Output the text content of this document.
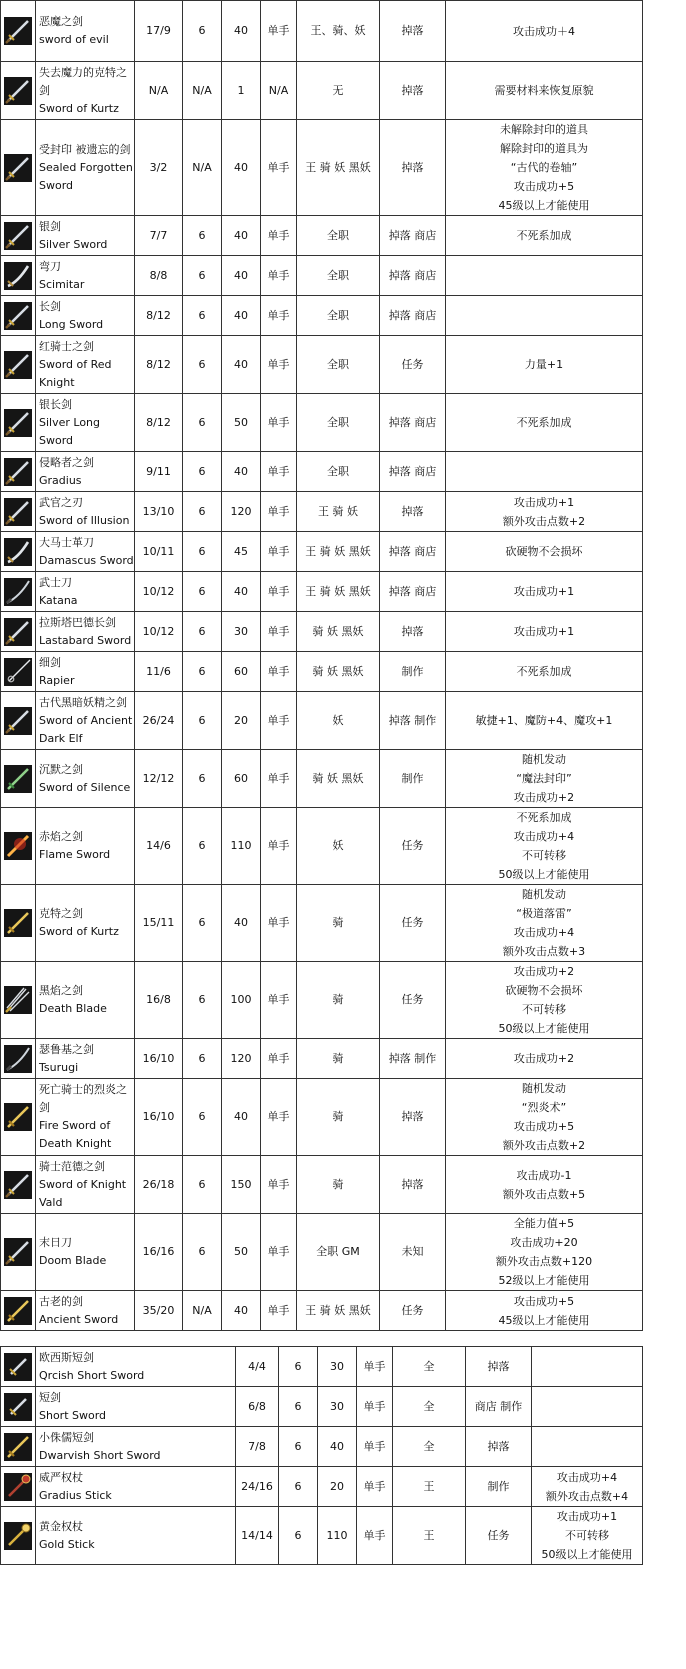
恶魔之剑
sword of evil	17/9	6	40	单手	王、骑、妖	掉落	攻击成功＋4

失去魔力的克特之
剑
Sword of Kurtz	N/A	N/A	1	N/A	无	掉落	需要材料来恢复原貌

受封印 被遗忘的剑
Sealed Forgotten
Sword	3/2	N/A	40	单手	王 骑 妖 黑妖	掉落	未解除封印的道具
解除封印的道具为
“古代的卷轴”
攻击成功+5
45级以上才能使用

银剑
Silver Sword	7/7	6	40	单手	全职	掉落 商店	不死系加成

弯刀
Scimitar	8/8	6	40	单手	全职	掉落 商店	

长剑
Long Sword	8/12	6	40	单手	全职	掉落 商店	

红骑士之剑
Sword of Red
Knight	8/12	6	40	单手	全职	任务	力量+1

银长剑
Silver Long
Sword	8/12	6	50	单手	全职	掉落 商店	不死系加成

侵略者之剑
Gradius	9/11	6	40	单手	全职	掉落 商店	

武官之刃
Sword of Illusion	13/10	6	120	单手	王 骑 妖	掉落	攻击成功+1
额外攻击点数+2

大马士革刀
Damascus Sword	10/11	6	45	单手	王 骑 妖 黑妖	掉落 商店	砍硬物不会损坏

武士刀
Katana	10/12	6	40	单手	王 骑 妖 黑妖	掉落 商店	攻击成功+1

拉斯塔巴德长剑
Lastabard Sword	10/12	6	30	单手	骑 妖 黑妖	掉落	攻击成功+1

细剑
Rapier	11/6	6	60	单手	骑 妖 黑妖	制作	不死系加成

古代黑暗妖精之剑
Sword of Ancient
Dark Elf	26/24	6	20	单手	妖	掉落 制作	敏捷+1、魔防+4、魔攻+1

沉默之剑
Sword of Silence	12/12	6	60	单手	骑 妖 黑妖	制作	随机发动
“魔法封印”
攻击成功+2

赤焰之剑
Flame Sword	14/6	6	110	单手	妖	任务	不死系加成
攻击成功+4
不可转移
50级以上才能使用

克特之剑
Sword of Kurtz	15/11	6	40	单手	骑	任务	随机发动
“极道落雷”
攻击成功+4
额外攻击点数+3

黑焰之剑
Death Blade	16/8	6	100	单手	骑	任务	攻击成功+2
砍硬物不会损坏
不可转移
50级以上才能使用

瑟鲁基之剑
Tsurugi	16/10	6	120	单手	骑	掉落 制作	攻击成功+2

死亡骑士的烈炎之
剑
Fire Sword of
Death Knight	16/10	6	40	单手	骑	掉落	随机发动
“烈炎术”
攻击成功+5
额外攻击点数+2

骑士范德之剑
Sword of Knight
Vald	26/18	6	150	单手	骑	掉落	攻击成功-1
额外攻击点数+5

末日刀
Doom Blade	16/16	6	50	单手	全职 GM	未知	全能力值+5
攻击成功+20
额外攻击点数+120
52级以上才能使用

古老的剑
Ancient Sword	35/20	N/A	40	单手	王 骑 妖 黑妖	任务	攻击成功+5
45级以上才能使用

欧西斯短剑
Qrcish Short Sword	4/4	6	30	单手	全	掉落	

短剑
Short Sword	6/8	6	30	单手	全	商店 制作	

小侏儒短剑
Dwarvish Short Sword	7/8	6	40	单手	全	掉落	

威严权杖
Gradius Stick	24/16	6	20	单手	王	制作	攻击成功+4
额外攻击点数+4

黄金权杖
Gold Stick	14/14	6	110	单手	王	任务	攻击成功+1
不可转移
50级以上才能使用
